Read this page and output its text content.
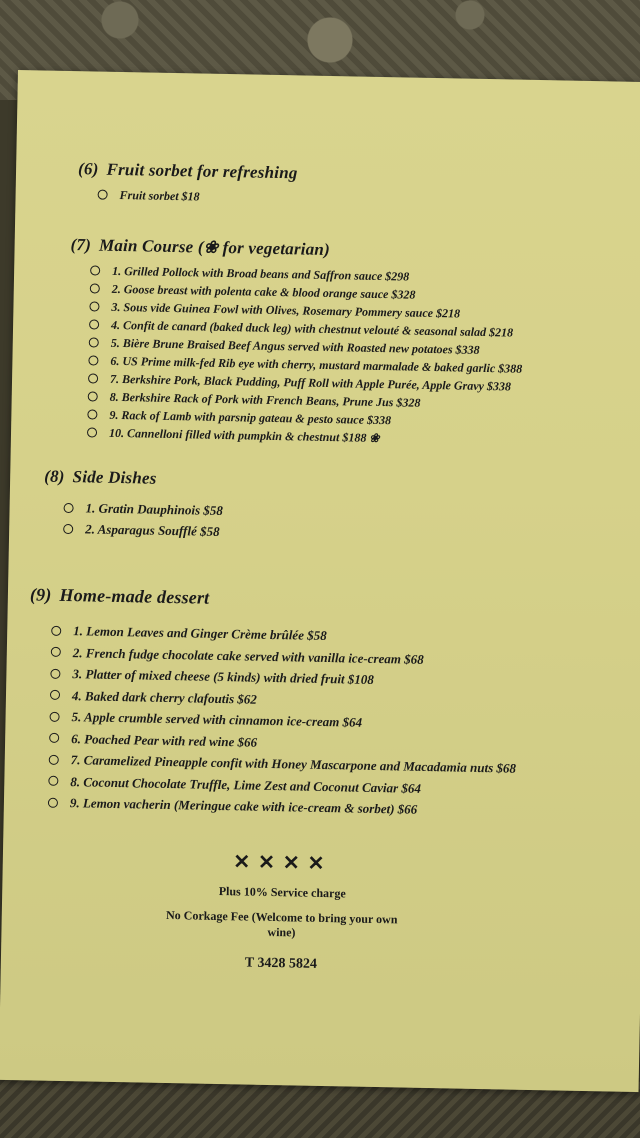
(6) Fruit sorbet for refreshing
Fruit sorbet $18
(7) Main Course (❀ for vegetarian)
1. Grilled Pollock with Broad beans and Saffron sauce $298
2. Goose breast with polenta cake & blood orange sauce $328
3. Sous vide Guinea Fowl with Olives, Rosemary Pommery sauce $218
4. Confit de canard (baked duck leg) with chestnut velouté & seasonal salad $218
5. Bière Brune Braised Beef Angus served with Roasted new potatoes $338
6. US Prime milk-fed Rib eye with cherry, mustard marmalade & baked garlic $388
7. Berkshire Pork, Black Pudding, Puff Roll with Apple Purée, Apple Gravy $338
8. Berkshire Rack of Pork with French Beans, Prune Jus $328
9. Rack of Lamb with parsnip gateau & pesto sauce $338
10. Cannelloni filled with pumpkin & chestnut $188 ❀
(8) Side Dishes
1. Gratin Dauphinois $58
2. Asparagus Soufflé $58
(9) Home-made dessert
1. Lemon Leaves and Ginger Crème brûlée $58
2. French fudge chocolate cake served with vanilla ice-cream $68
3. Platter of mixed cheese (5 kinds) with dried fruit $108
4. Baked dark cherry clafoutis $62
5. Apple crumble served with cinnamon ice-cream $64
6. Poached Pear with red wine $66
7. Caramelized Pineapple confit with Honey Mascarpone and Macadamia nuts $68
8. Coconut Chocolate Truffle, Lime Zest and Coconut Caviar $64
9. Lemon vacherin (Meringue cake with ice-cream & sorbet) $66
✕✕✕✕
Plus 10% Service charge
No Corkage Fee (Welcome to bring your own wine)
T 3428 5824
